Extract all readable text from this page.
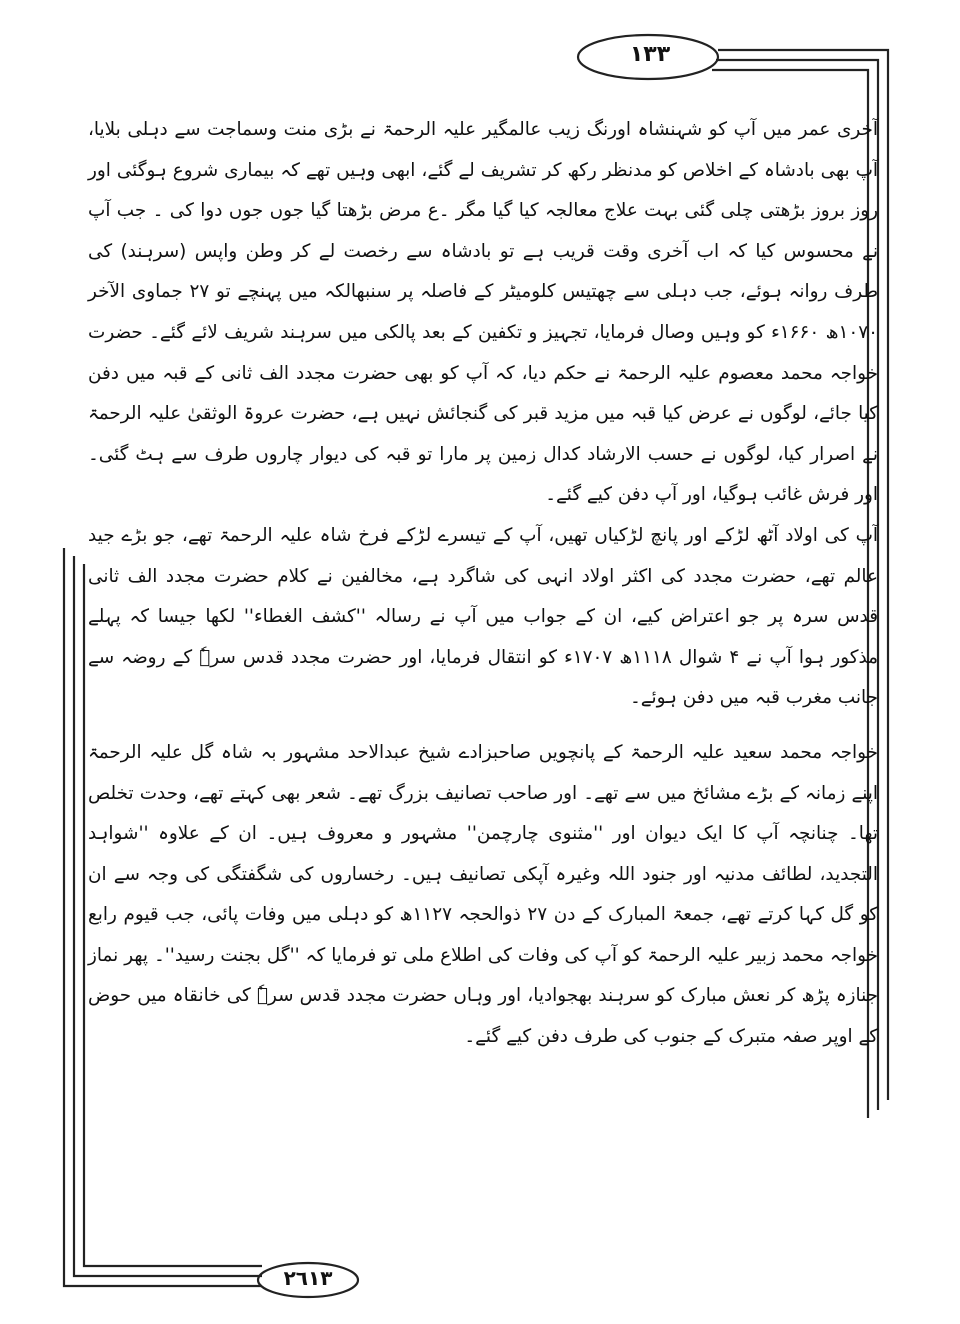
۱۳۳
۲٦۱۳

آخری عمر میں آپ کو شہنشاہ اورنگ زیب عالمگیر علیہ الرحمۃ نے بڑی منت وسماجت سے دہلی بلایا، آپ بھی بادشاہ کے اخلاص کو مدنظر رکھ کر تشریف لے گئے، ابھی وہیں تھے کہ بیماری شروع ہوگئی اور روز بروز بڑھتی چلی گئی بہت علاج معالجہ کیا گیا مگر ۔ع مرض بڑھتا گیا جوں جوں دوا کی ۔ جب آپ نے محسوس کیا کہ اب آخری وقت قریب ہے تو بادشاہ سے رخصت لے کر وطن واپس (سرہند) کی طرف روانہ ہوئے، جب دہلی سے چھتیس کلومیٹر کے فاصلہ پر سنبھالکہ میں پہنچے تو ۲۷ جماوی الآخر ۱۰۷۰ھ ۱۶۶۰ء کو وہیں وصال فرمایا، تجہیز و تکفین کے بعد پالکی میں سرہند شریف لائے گئے۔ حضرت خواجہ محمد معصوم علیہ الرحمۃ نے حکم دیا، کہ آپ کو بھی حضرت مجدد الف ثانی کے قبہ میں دفن کیا جائے، لوگوں نے عرض کیا قبہ میں مزید قبر کی گنجائش نہیں ہے، حضرت عروۃ الوثقیٰ علیہ الرحمۃ نے اصرار کیا، لوگوں نے حسب الارشاد کدال زمین پر مارا تو قبہ کی دیوار چاروں طرف سے ہٹ گئی۔ اور فرش غائب ہوگیا، اور آپ دفن کیے گئے۔

آپ کی اولاد آٹھ لڑکے اور پانچ لڑکیاں تھیں، آپ کے تیسرے لڑکے فرخ شاہ علیہ الرحمۃ تھے، جو بڑے جید عالم تھے، حضرت مجدد کی اکثر اولاد انہی کی شاگرد ہے، مخالفین نے کلام حضرت مجدد الف ثانی قدس سرہ پر جو اعتراض کیے، ان کے جواب میں آپ نے رسالہ ''کشف الغطاء'' لکھا جیسا کہ پہلے مذکور ہوا آپ نے ۴ شوال ۱۱۱۸ھ ۱۷۰۷ء کو انتقال فرمایا، اور حضرت مجدد قدس سرہٗ کے روضہ سے جانب مغرب قبہ میں دفن ہوئے۔

خواجہ محمد سعید علیہ الرحمۃ کے پانچویں صاحبزادے شیخ عبدالاحد مشہور بہ شاہ گل علیہ الرحمۃ اپنے زمانہ کے بڑے مشائخ میں سے تھے۔ اور صاحب تصانیف بزرگ تھے۔ شعر بھی کہتے تھے، وحدت تخلص تھا۔ چنانچہ آپ کا ایک دیوان اور ''مثنوی چارچمن'' مشہور و معروف ہیں۔ ان کے علاوہ ''شواہد التجدید، لطائف مدنیہ اور جنود اللہ وغیرہ آپکی تصانیف ہیں۔ رخساروں کی شگفتگی کی وجہ سے ان کو گل کہا کرتے تھے، جمعۃ المبارک کے دن ۲۷ ذوالحجہ ۱۱۲۷ھ کو دہلی میں وفات پائی، جب قیوم رابع خواجہ محمد زبیر علیہ الرحمۃ کو آپ کی وفات کی اطلاع ملی تو فرمایا کہ ''گل بجنت رسید''۔ پھر نماز جنازہ پڑھ کر نعش مبارک کو سرہند بھجوادیا، اور وہاں حضرت مجدد قدس سرہٗ کی خانقاہ میں حوض کے اوپر صفہ متبرک کے جنوب کی طرف دفن کیے گئے۔
